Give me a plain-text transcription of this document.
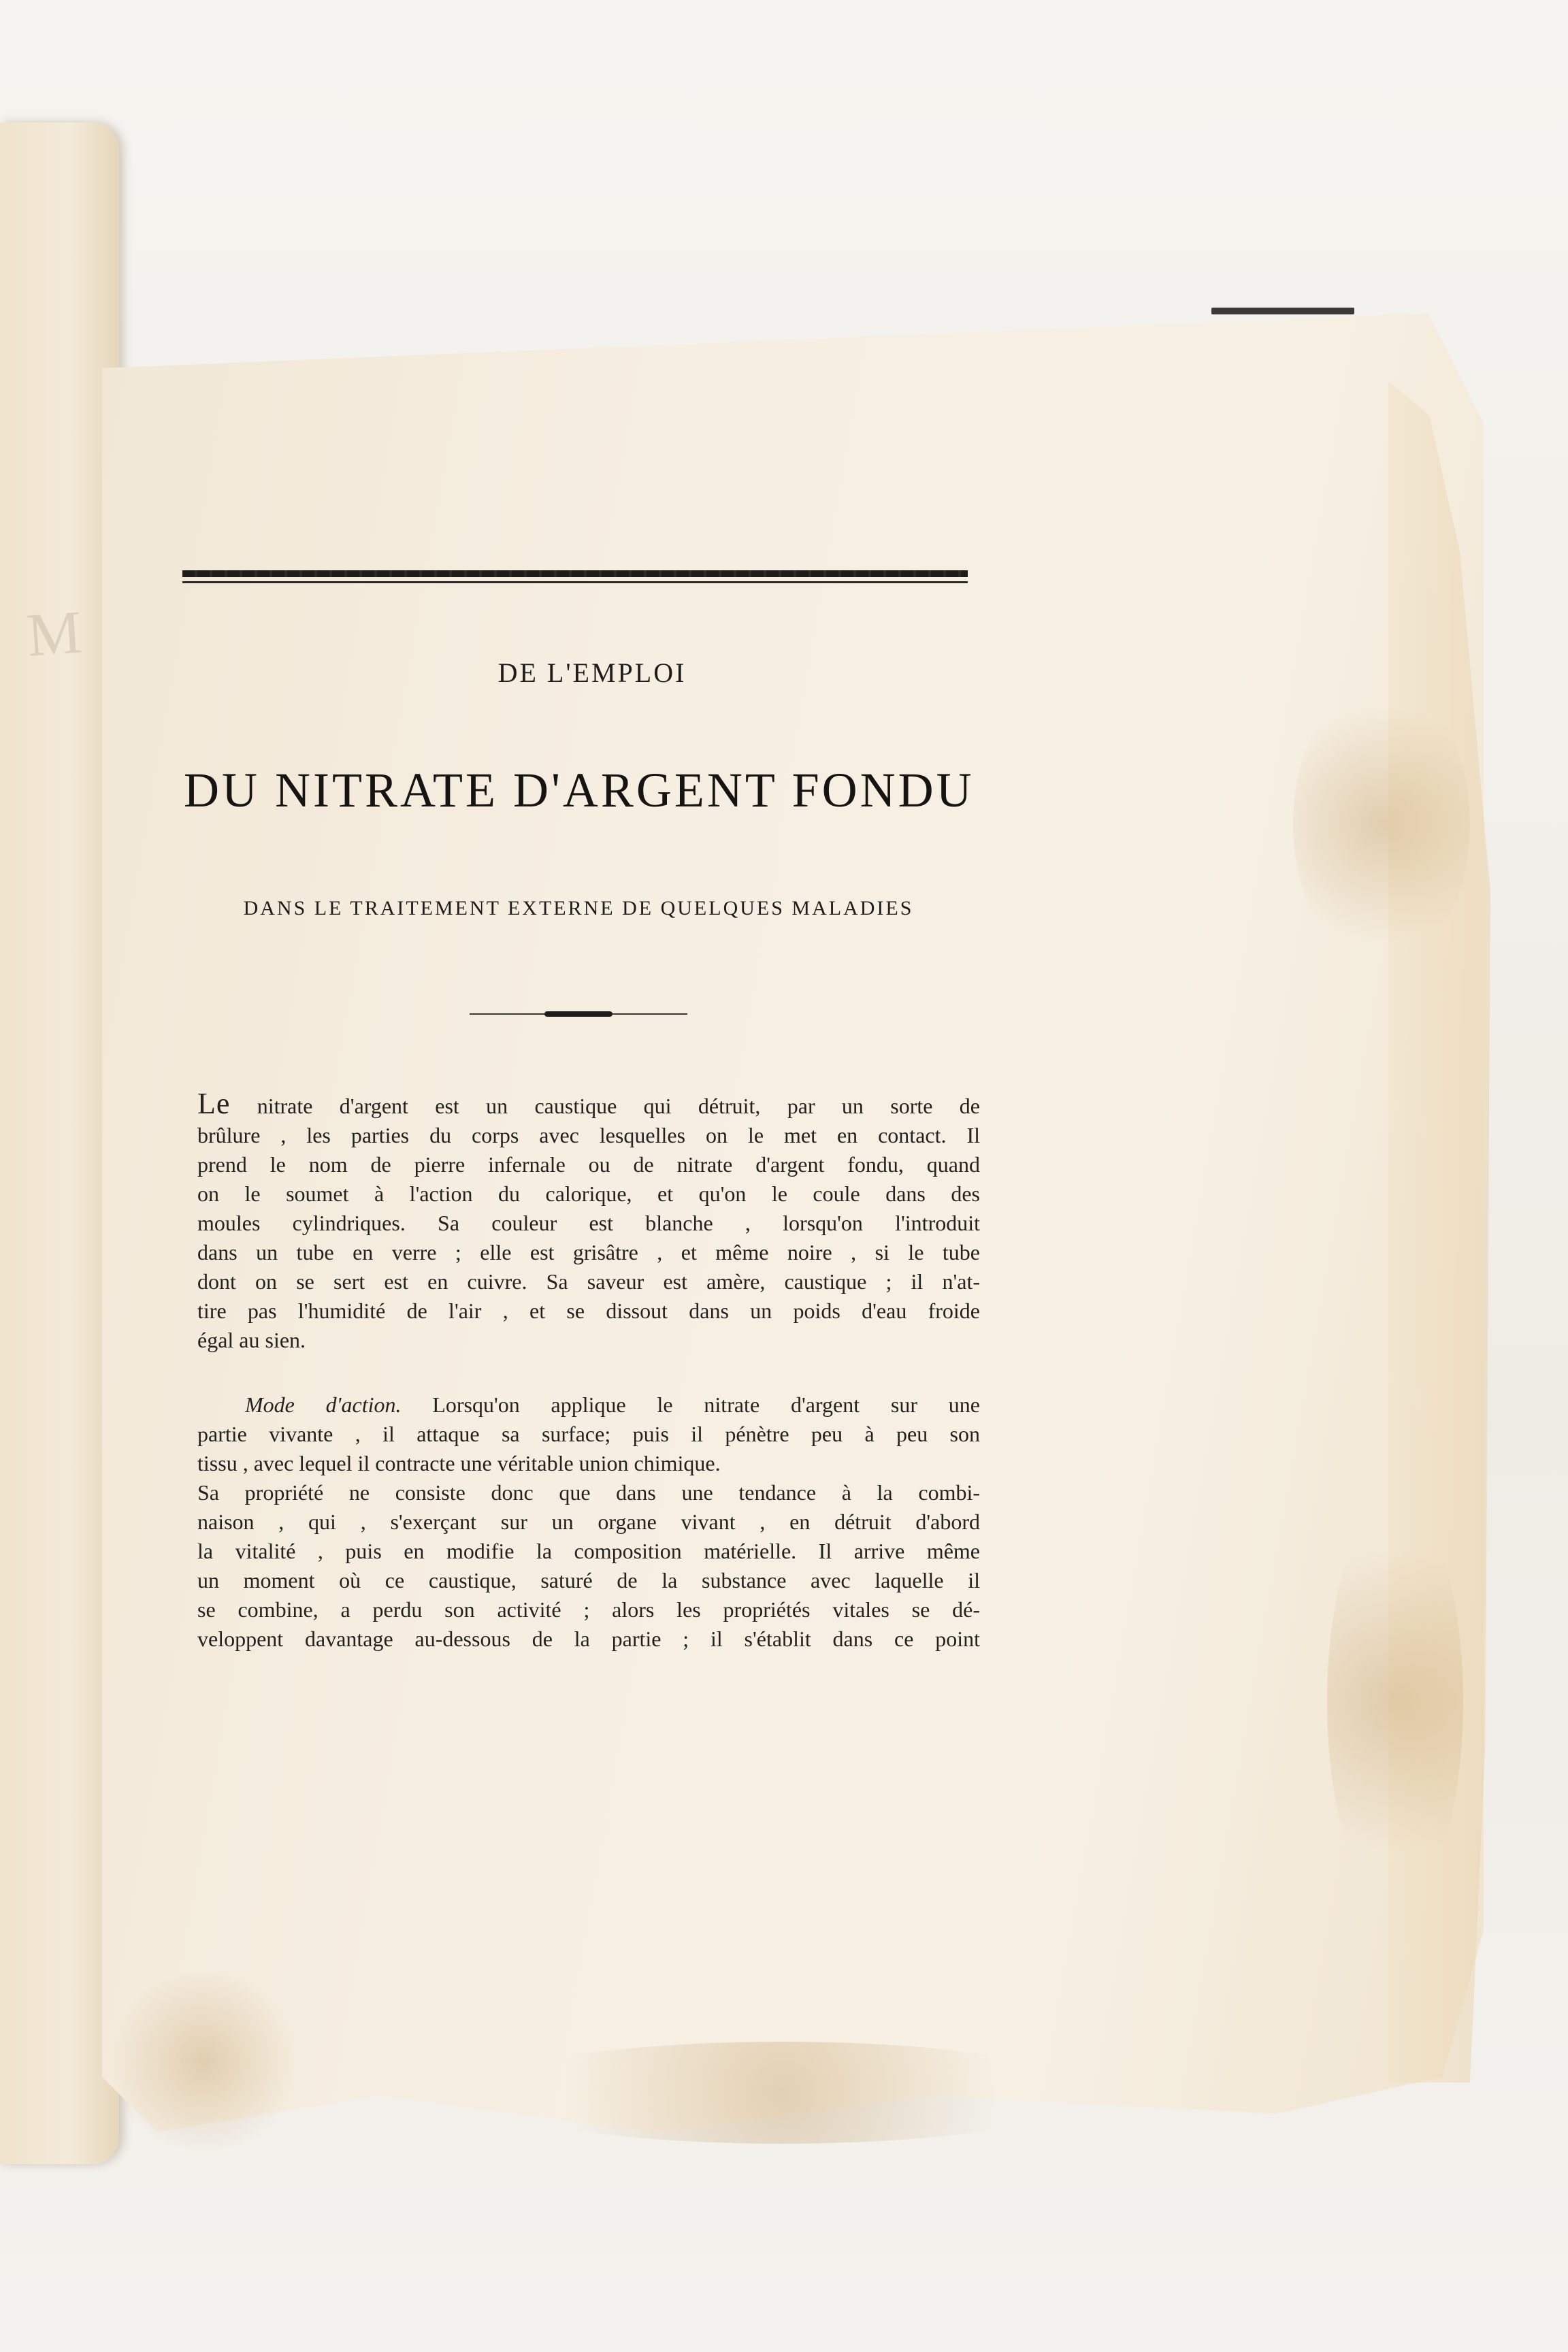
M
DE L'EMPLOI
DU NITRATE D'ARGENT FONDU
DANS LE TRAITEMENT EXTERNE DE QUELQUES MALADIES
Le nitrate d'argent est un caustique qui détruit, par un sorte de
brûlure , les parties du corps avec lesquelles on le met en contact. Il
prend le nom de pierre infernale ou de nitrate d'argent fondu, quand
on le soumet à l'action du calorique, et qu'on le coule dans des
moules cylindriques. Sa couleur est blanche , lorsqu'on l'introduit
dans un tube en verre ; elle est grisâtre , et même noire , si le tube
dont on se sert est en cuivre. Sa saveur est amère, caustique ; il n'at-
tire pas l'humidité de l'air , et se dissout dans un poids d'eau froide
égal au sien.
Mode d'action. Lorsqu'on applique le nitrate d'argent sur une
partie vivante , il attaque sa surface; puis il pénètre peu à peu son
tissu , avec lequel il contracte une véritable union chimique.
Sa propriété ne consiste donc que dans une tendance à la combi-
naison , qui , s'exerçant sur un organe vivant , en détruit d'abord
la vitalité , puis en modifie la composition matérielle. Il arrive même
un moment où ce caustique, saturé de la substance avec laquelle il
se combine, a perdu son activité ; alors les propriétés vitales se dé-
veloppent davantage au-dessous de la partie ; il s'établit dans ce point
